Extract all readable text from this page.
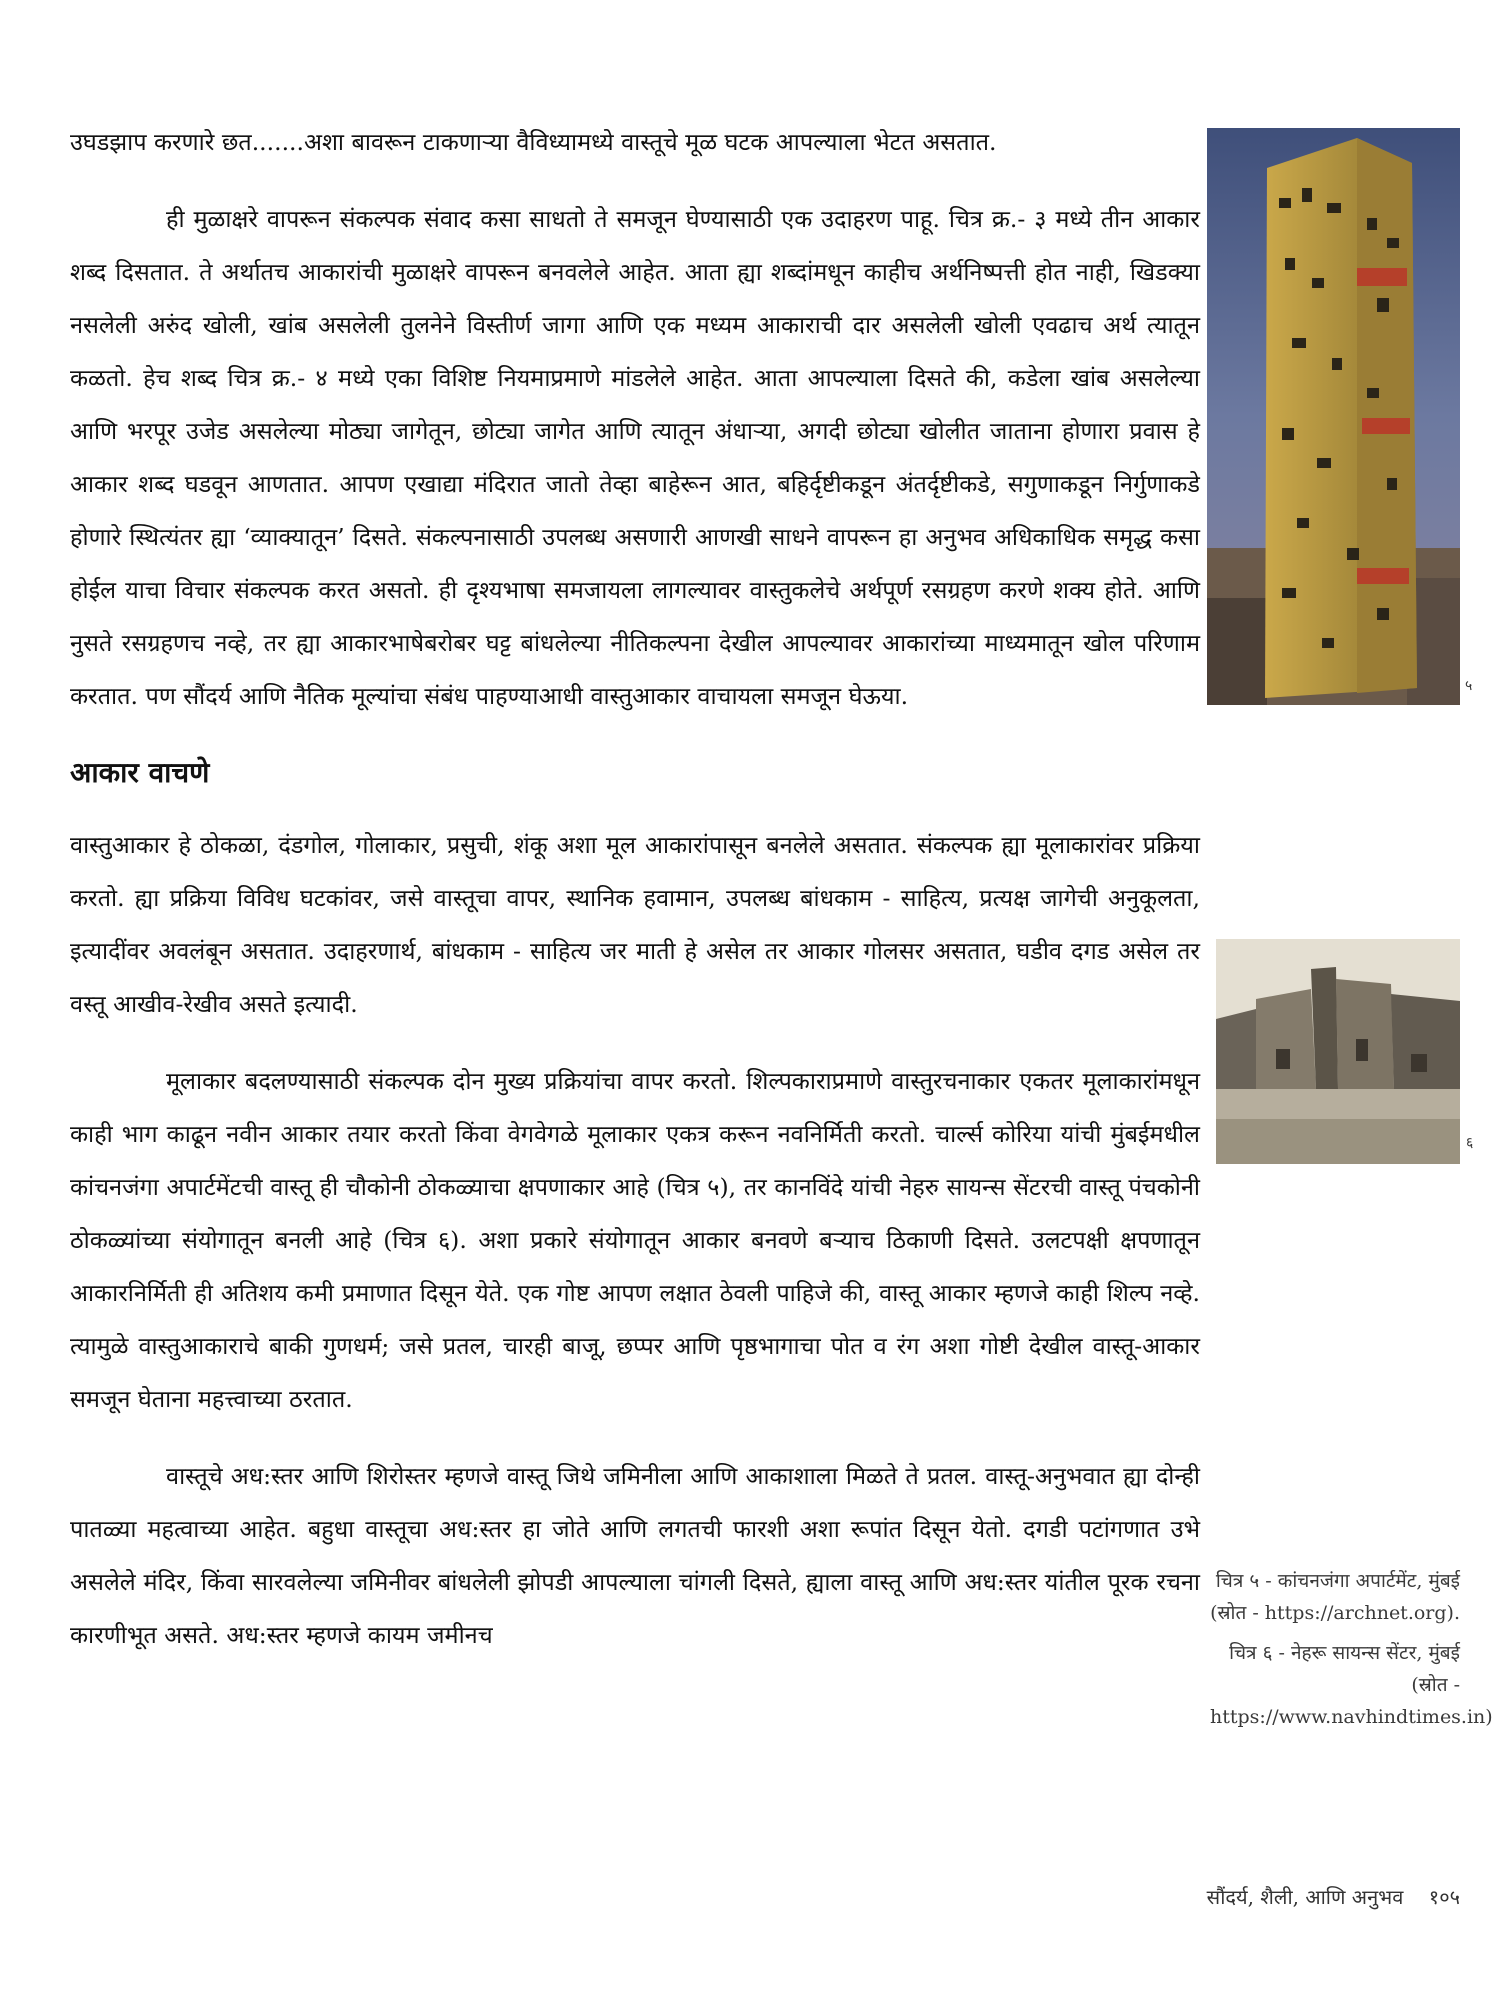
उघडझाप करणारे छत.......अशा बावरून टाकणाऱ्या वैविध्यामध्ये वास्तूचे मूळ घटक आपल्याला भेटत असतात.

ही मुळाक्षरे वापरून संकल्पक संवाद कसा साधतो ते समजून घेण्यासाठी एक उदाहरण पाहू. चित्र क्र.- ३ मध्ये तीन आकार शब्द दिसतात. ते अर्थातच आकारांची मुळाक्षरे वापरून बनवलेले आहेत. आता ह्या शब्दांमधून काहीच अर्थनिष्पत्ती होत नाही, खिडक्या नसलेली अरुंद खोली, खांब असलेली तुलनेने विस्तीर्ण जागा आणि एक मध्यम आकाराची दार असलेली खोली एवढाच अर्थ त्यातून कळतो. हेच शब्द चित्र क्र.- ४ मध्ये एका विशिष्ट नियमाप्रमाणे मांडलेले आहेत. आता आपल्याला दिसते की, कडेला खांब असलेल्या आणि भरपूर उजेड असलेल्या मोठ्या जागेतून, छोट्या जागेत आणि त्यातून अंधाऱ्या, अगदी छोट्या खोलीत जाताना होणारा प्रवास हे आकार शब्द घडवून आणतात. आपण एखाद्या मंदिरात जातो तेव्हा बाहेरून आत, बहिर्दृष्टीकडून अंतर्दृष्टीकडे, सगुणाकडून निर्गुणाकडे होणारे स्थित्यंतर ह्या ‘व्याक्यातून’ दिसते. संकल्पनासाठी उपलब्ध असणारी आणखी साधने वापरून हा अनुभव अधिकाधिक समृद्ध कसा होईल याचा विचार संकल्पक करत असतो. ही दृश्यभाषा समजायला लागल्यावर वास्तुकलेचे अर्थपूर्ण रसग्रहण करणे शक्य होते. आणि नुसते रसग्रहणच नव्हे, तर ह्या आकारभाषेबरोबर घट्ट बांधलेल्या नीतिकल्पना देखील आपल्यावर आकारांच्या माध्यमातून खोल परिणाम करतात. पण सौंदर्य आणि नैतिक मूल्यांचा संबंध पाहण्याआधी वास्तुआकार वाचायला समजून घेऊया.

आकार वाचणे

वास्तुआकार हे ठोकळा, दंडगोल, गोलाकार, प्रसुची, शंकू अशा मूल आकारांपासून बनलेले असतात. संकल्पक ह्या मूलाकारांवर प्रक्रिया करतो. ह्या प्रक्रिया विविध घटकांवर, जसे वास्तूचा वापर, स्थानिक हवामान, उपलब्ध बांधकाम - साहित्य, प्रत्यक्ष जागेची अनुकूलता, इत्यादींवर अवलंबून असतात. उदाहरणार्थ, बांधकाम - साहित्य जर माती हे असेल तर आकार गोलसर असतात, घडीव दगड असेल तर वस्तू आखीव-रेखीव असते इत्यादी.

मूलाकार बदलण्यासाठी संकल्पक दोन मुख्य प्रक्रियांचा वापर करतो. शिल्पकाराप्रमाणे वास्तुरचनाकार एकतर मूलाकारांमधून काही भाग काढून नवीन आकार तयार करतो किंवा वेगवेगळे मूलाकार एकत्र करून नवनिर्मिती करतो. चार्ल्स कोरिया यांची मुंबईमधील कांचनजंगा अपार्टमेंटची वास्तू ही चौकोनी ठोकळ्याचा क्षपणाकार आहे (चित्र ५), तर कानविंदे यांची नेहरु सायन्स सेंटरची वास्तू पंचकोनी ठोकळ्यांच्या संयोगातून बनली आहे (चित्र ६). अशा प्रकारे संयोगातून आकार बनवणे बऱ्याच ठिकाणी दिसते. उलटपक्षी क्षपणातून आकारनिर्मिती ही अतिशय कमी प्रमाणात दिसून येते. एक गोष्ट आपण लक्षात ठेवली पाहिजे की, वास्तू आकार म्हणजे काही शिल्प नव्हे. त्यामुळे वास्तुआकाराचे बाकी गुणधर्म; जसे प्रतल, चारही बाजू, छप्पर आणि पृष्ठभागाचा पोत व रंग अशा गोष्टी देखील वास्तू-आकार समजून घेताना महत्त्वाच्या ठरतात.

वास्तूचे अध:स्तर आणि शिरोस्तर म्हणजे वास्तू जिथे जमिनीला आणि आकाशाला मिळते ते प्रतल. वास्तू-अनुभवात ह्या दोन्ही पातळ्या महत्वाच्या आहेत. बहुधा वास्तूचा अध:स्तर हा जोते आणि लगतची फारशी अशा रूपांत दिसून येतो. दगडी पटांगणात उभे असलेले मंदिर, किंवा सारवलेल्या जमिनीवर बांधलेली झोपडी आपल्याला चांगली दिसते, ह्याला वास्तू आणि अध:स्तर यांतील पूरक रचना कारणीभूत असते. अध:स्तर म्हणजे कायम जमीनच

५
६

चित्र ५ - कांचनजंगा अपार्टमेंट, मुंबई (स्रोत - https://archnet.org).

चित्र ६ - नेहरू सायन्स सेंटर, मुंबई (स्रोत - https://www.navhindtimes.in)

सौंदर्य, शैली, आणि अनुभव १०५
